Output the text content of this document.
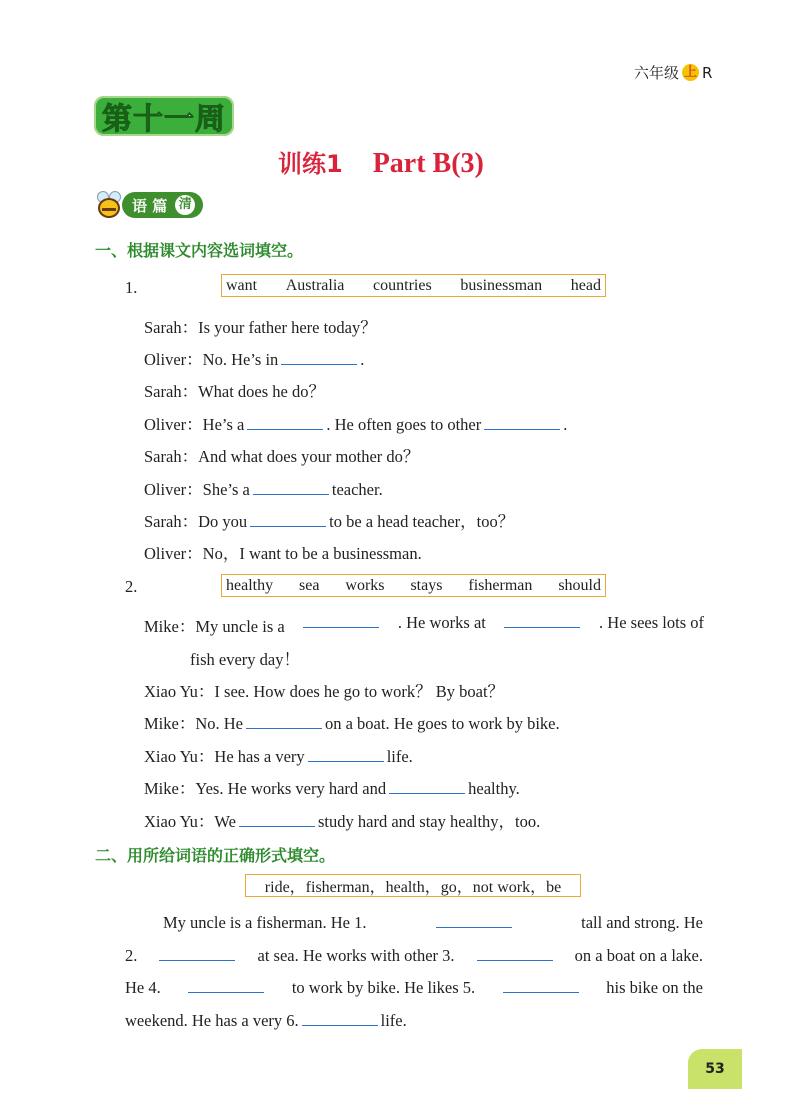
六年级 上 R
第十一周
训练1 Part B(3)
语 篇 清
一、根据课文内容选词填空。
1.	want Australia countries businessman head
Sarah：Is your father here today？
Oliver：No. He’s in	.
Sarah：What does he do？
Oliver：He’s a	. He often goes to other	.
Sarah：And what does your mother do？
Oliver：She’s a	teacher.
Sarah：Do you	to be a head teacher，too？
Oliver：No，I want to be a businessman.
2.	healthy sea works stays fisherman should
Mike：My uncle is a	. He works at	. He sees lots of
fish every day！
Xiao Yu：I see. How does he go to work？ By boat？
Mike：No. He	on a boat. He goes to work by bike.
Xiao Yu：He has a very	life.
Mike：Yes. He works very hard and	healthy.
Xiao Yu：We	study hard and stay healthy，too.
二、用所给词语的正确形式填空。
ride，fisherman，health，go，not work，be
My uncle is a fisherman. He 1.	tall and strong. He
2.	at sea. He works with other 3.	on a boat on a lake.
He 4.	to work by bike. He likes 5.	his bike on the
weekend. He has a very 6.	life.
53
